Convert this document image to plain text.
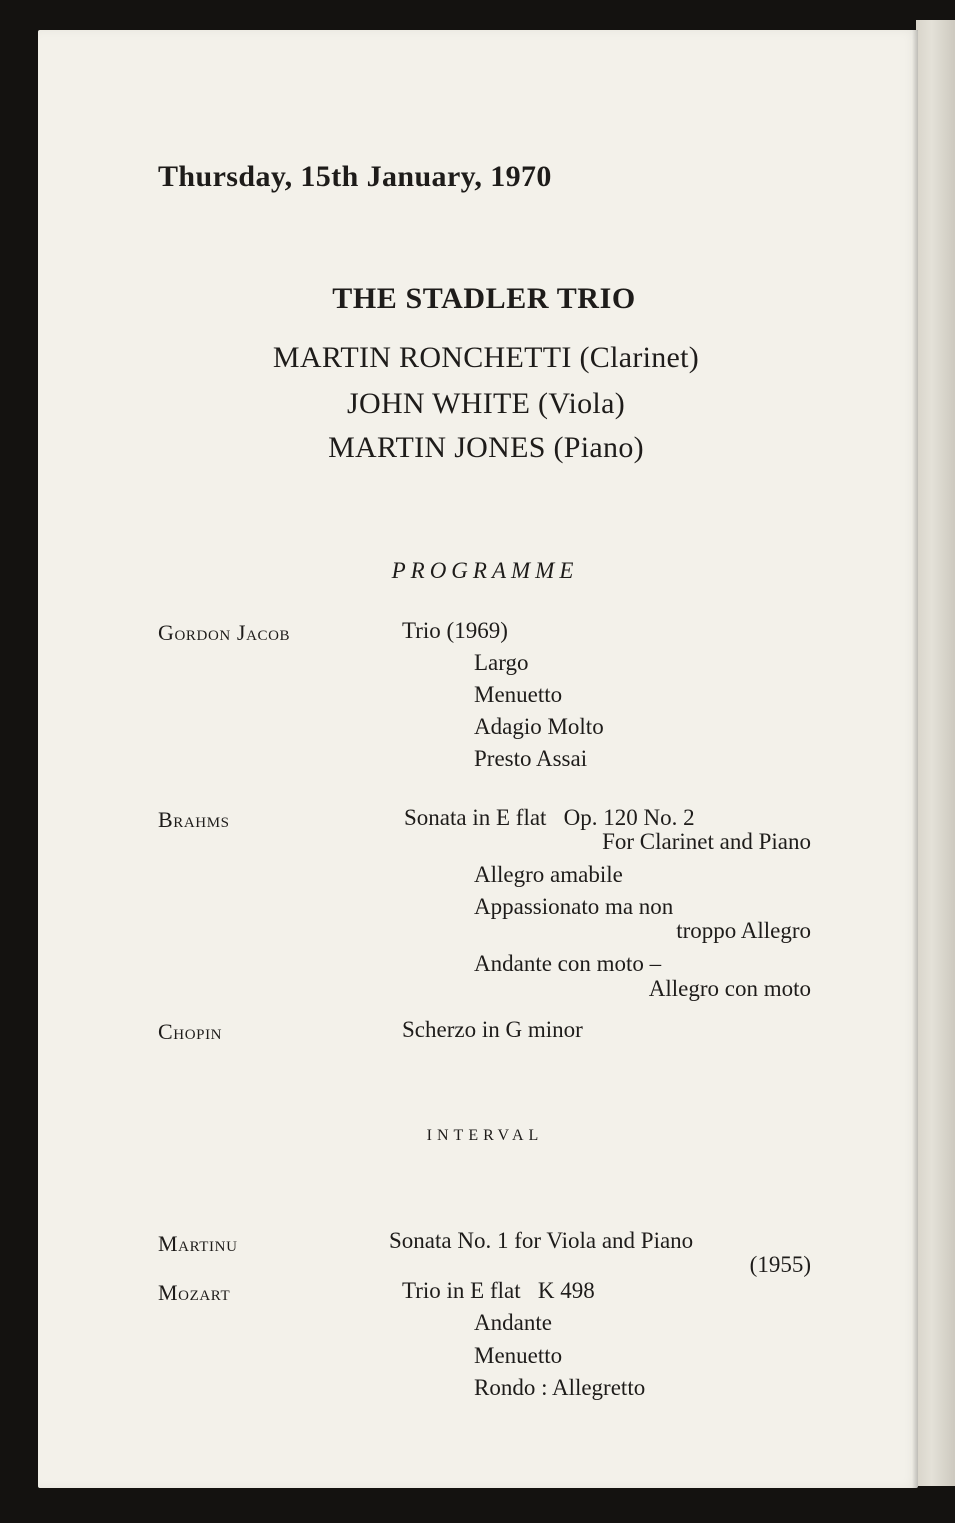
Thursday, 15th January, 1970
THE STADLER TRIO
MARTIN RONCHETTI (Clarinet)
JOHN WHITE (Viola)
MARTIN JONES (Piano)
PROGRAMME
Gordon Jacob	Trio (1969)
Largo
Menuetto
Adagio Molto
Presto Assai
Brahms	Sonata in E flat   Op. 120 No. 2
For Clarinet and Piano
Allegro amabile
Appassionato ma non
troppo Allegro
Andante con moto –
Allegro con moto
Chopin	Scherzo in G minor
INTERVAL
Martinu	Sonata No. 1 for Viola and Piano
(1955)
Mozart	Trio in E flat   K 498
Andante
Menuetto
Rondo : Allegretto
